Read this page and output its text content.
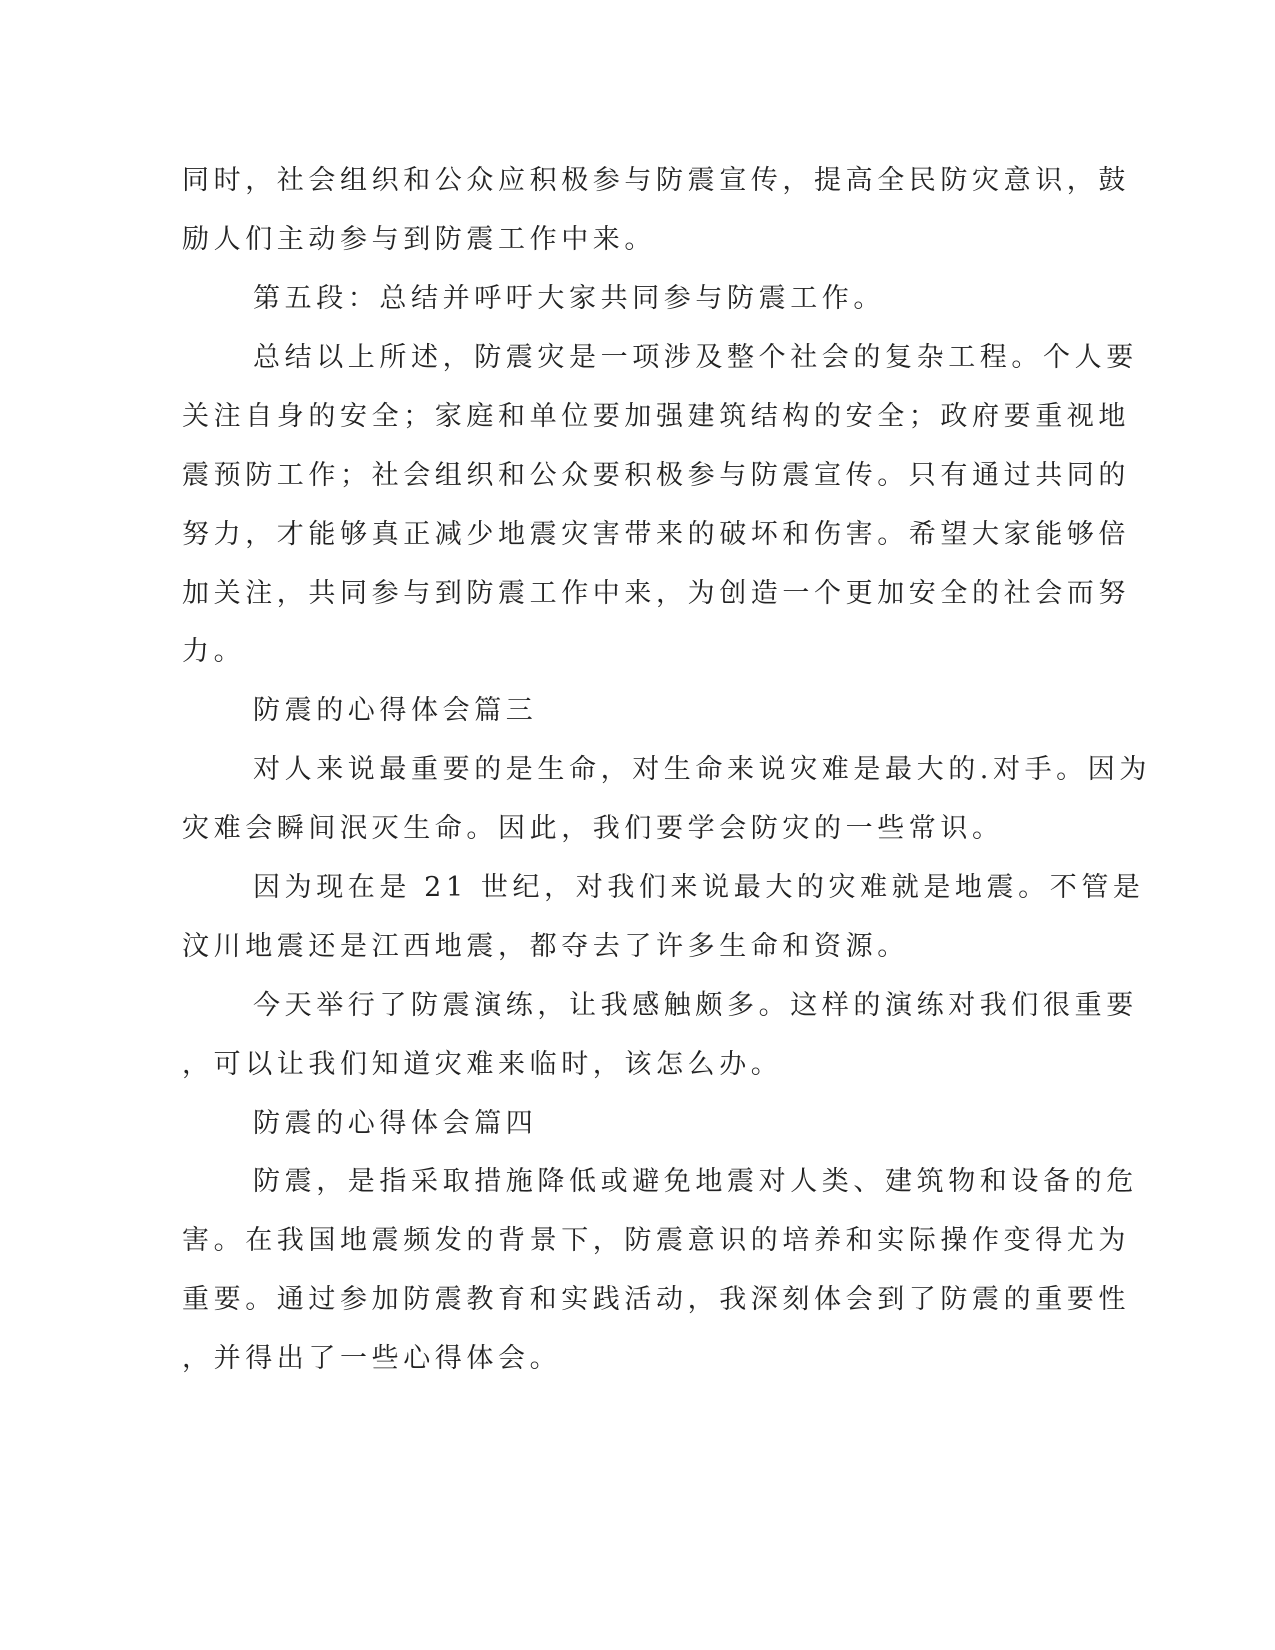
同时，社会组织和公众应积极参与防震宣传，提高全民防灾意识，鼓
励人们主动参与到防震工作中来。
第五段：总结并呼吁大家共同参与防震工作。
总结以上所述，防震灾是一项涉及整个社会的复杂工程。个人要
关注自身的安全；家庭和单位要加强建筑结构的安全；政府要重视地
震预防工作；社会组织和公众要积极参与防震宣传。只有通过共同的
努力，才能够真正减少地震灾害带来的破坏和伤害。希望大家能够倍
加关注，共同参与到防震工作中来，为创造一个更加安全的社会而努
力。
防震的心得体会篇三
对人来说最重要的是生命，对生命来说灾难是最大的.对手。因为
灾难会瞬间泯灭生命。因此，我们要学会防灾的一些常识。
因为现在是 21 世纪，对我们来说最大的灾难就是地震。不管是
汶川地震还是江西地震，都夺去了许多生命和资源。
今天举行了防震演练，让我感触颇多。这样的演练对我们很重要
，可以让我们知道灾难来临时，该怎么办。
防震的心得体会篇四
防震，是指采取措施降低或避免地震对人类、建筑物和设备的危
害。在我国地震频发的背景下，防震意识的培养和实际操作变得尤为
重要。通过参加防震教育和实践活动，我深刻体会到了防震的重要性
，并得出了一些心得体会。
